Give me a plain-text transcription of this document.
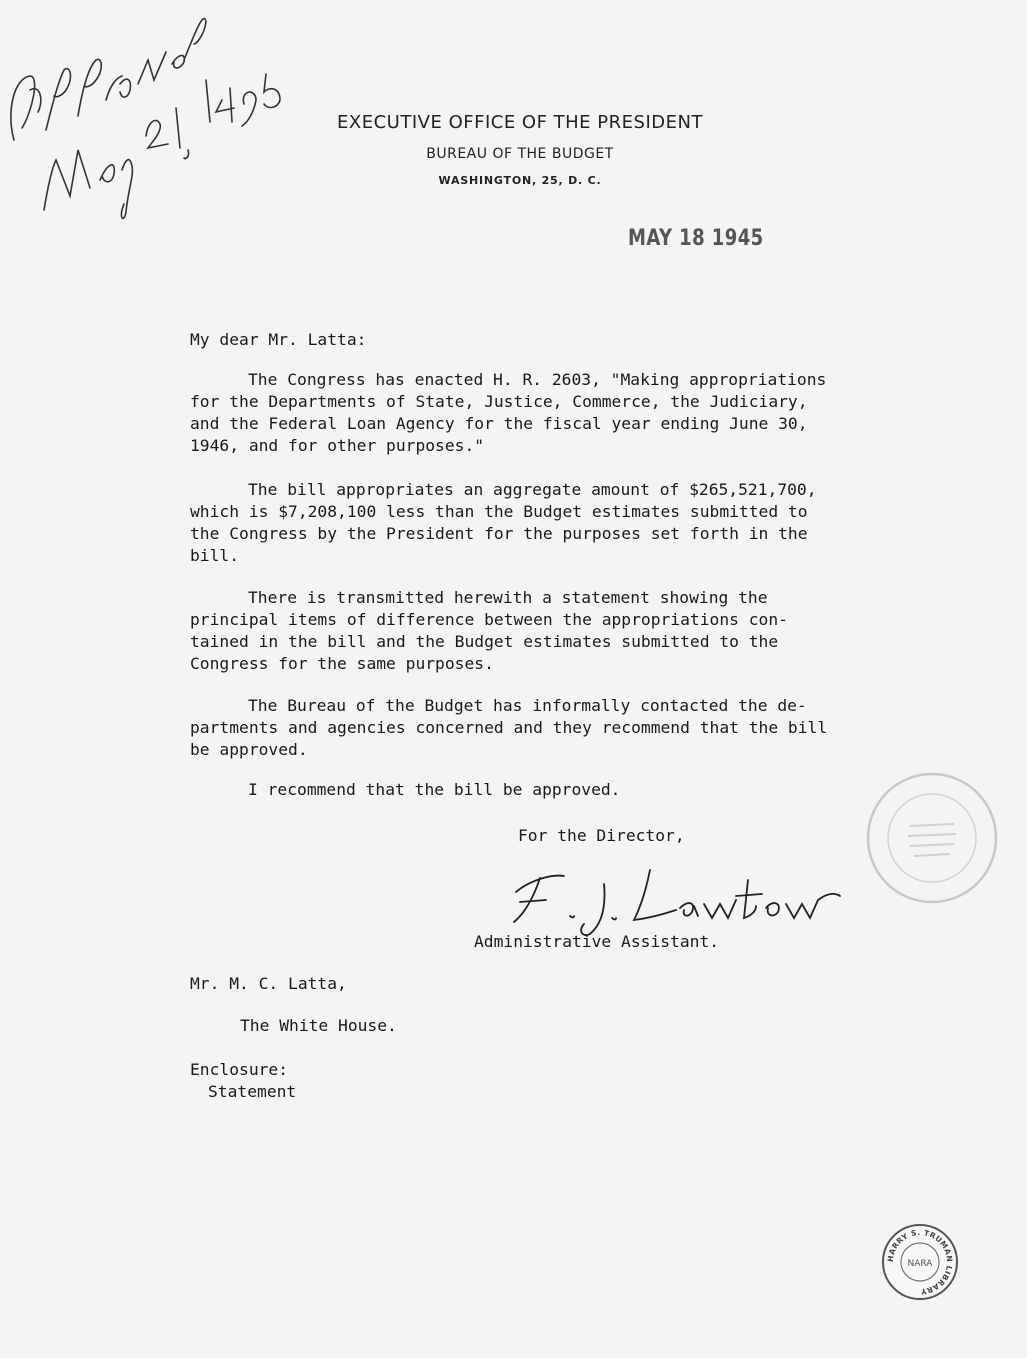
EXECUTIVE OFFICE OF THE PRESIDENT
BUREAU OF THE BUDGET
WASHINGTON, 25, D. C.
MAY 18 1945
My dear Mr. Latta:
The Congress has enacted H. R. 2603, "Making appropriations
for the Departments of State, Justice, Commerce, the Judiciary,
and the Federal Loan Agency for the fiscal year ending June 30,
1946, and for other purposes."
The bill appropriates an aggregate amount of $265,521,700,
which is $7,208,100 less than the Budget estimates submitted to
the Congress by the President for the purposes set forth in the
bill.
There is transmitted herewith a statement showing the
principal items of difference between the appropriations con-
tained in the bill and the Budget estimates submitted to the
Congress for the same purposes.
The Bureau of the Budget has informally contacted the de-
partments and agencies concerned and they recommend that the bill
be approved.
I recommend that the bill be approved.
For the Director,
Administrative Assistant.
Mr. M. C. Latta,
The White House.
Enclosure:
Statement
HARRY S. TRUMAN LIBRARY
NARA
